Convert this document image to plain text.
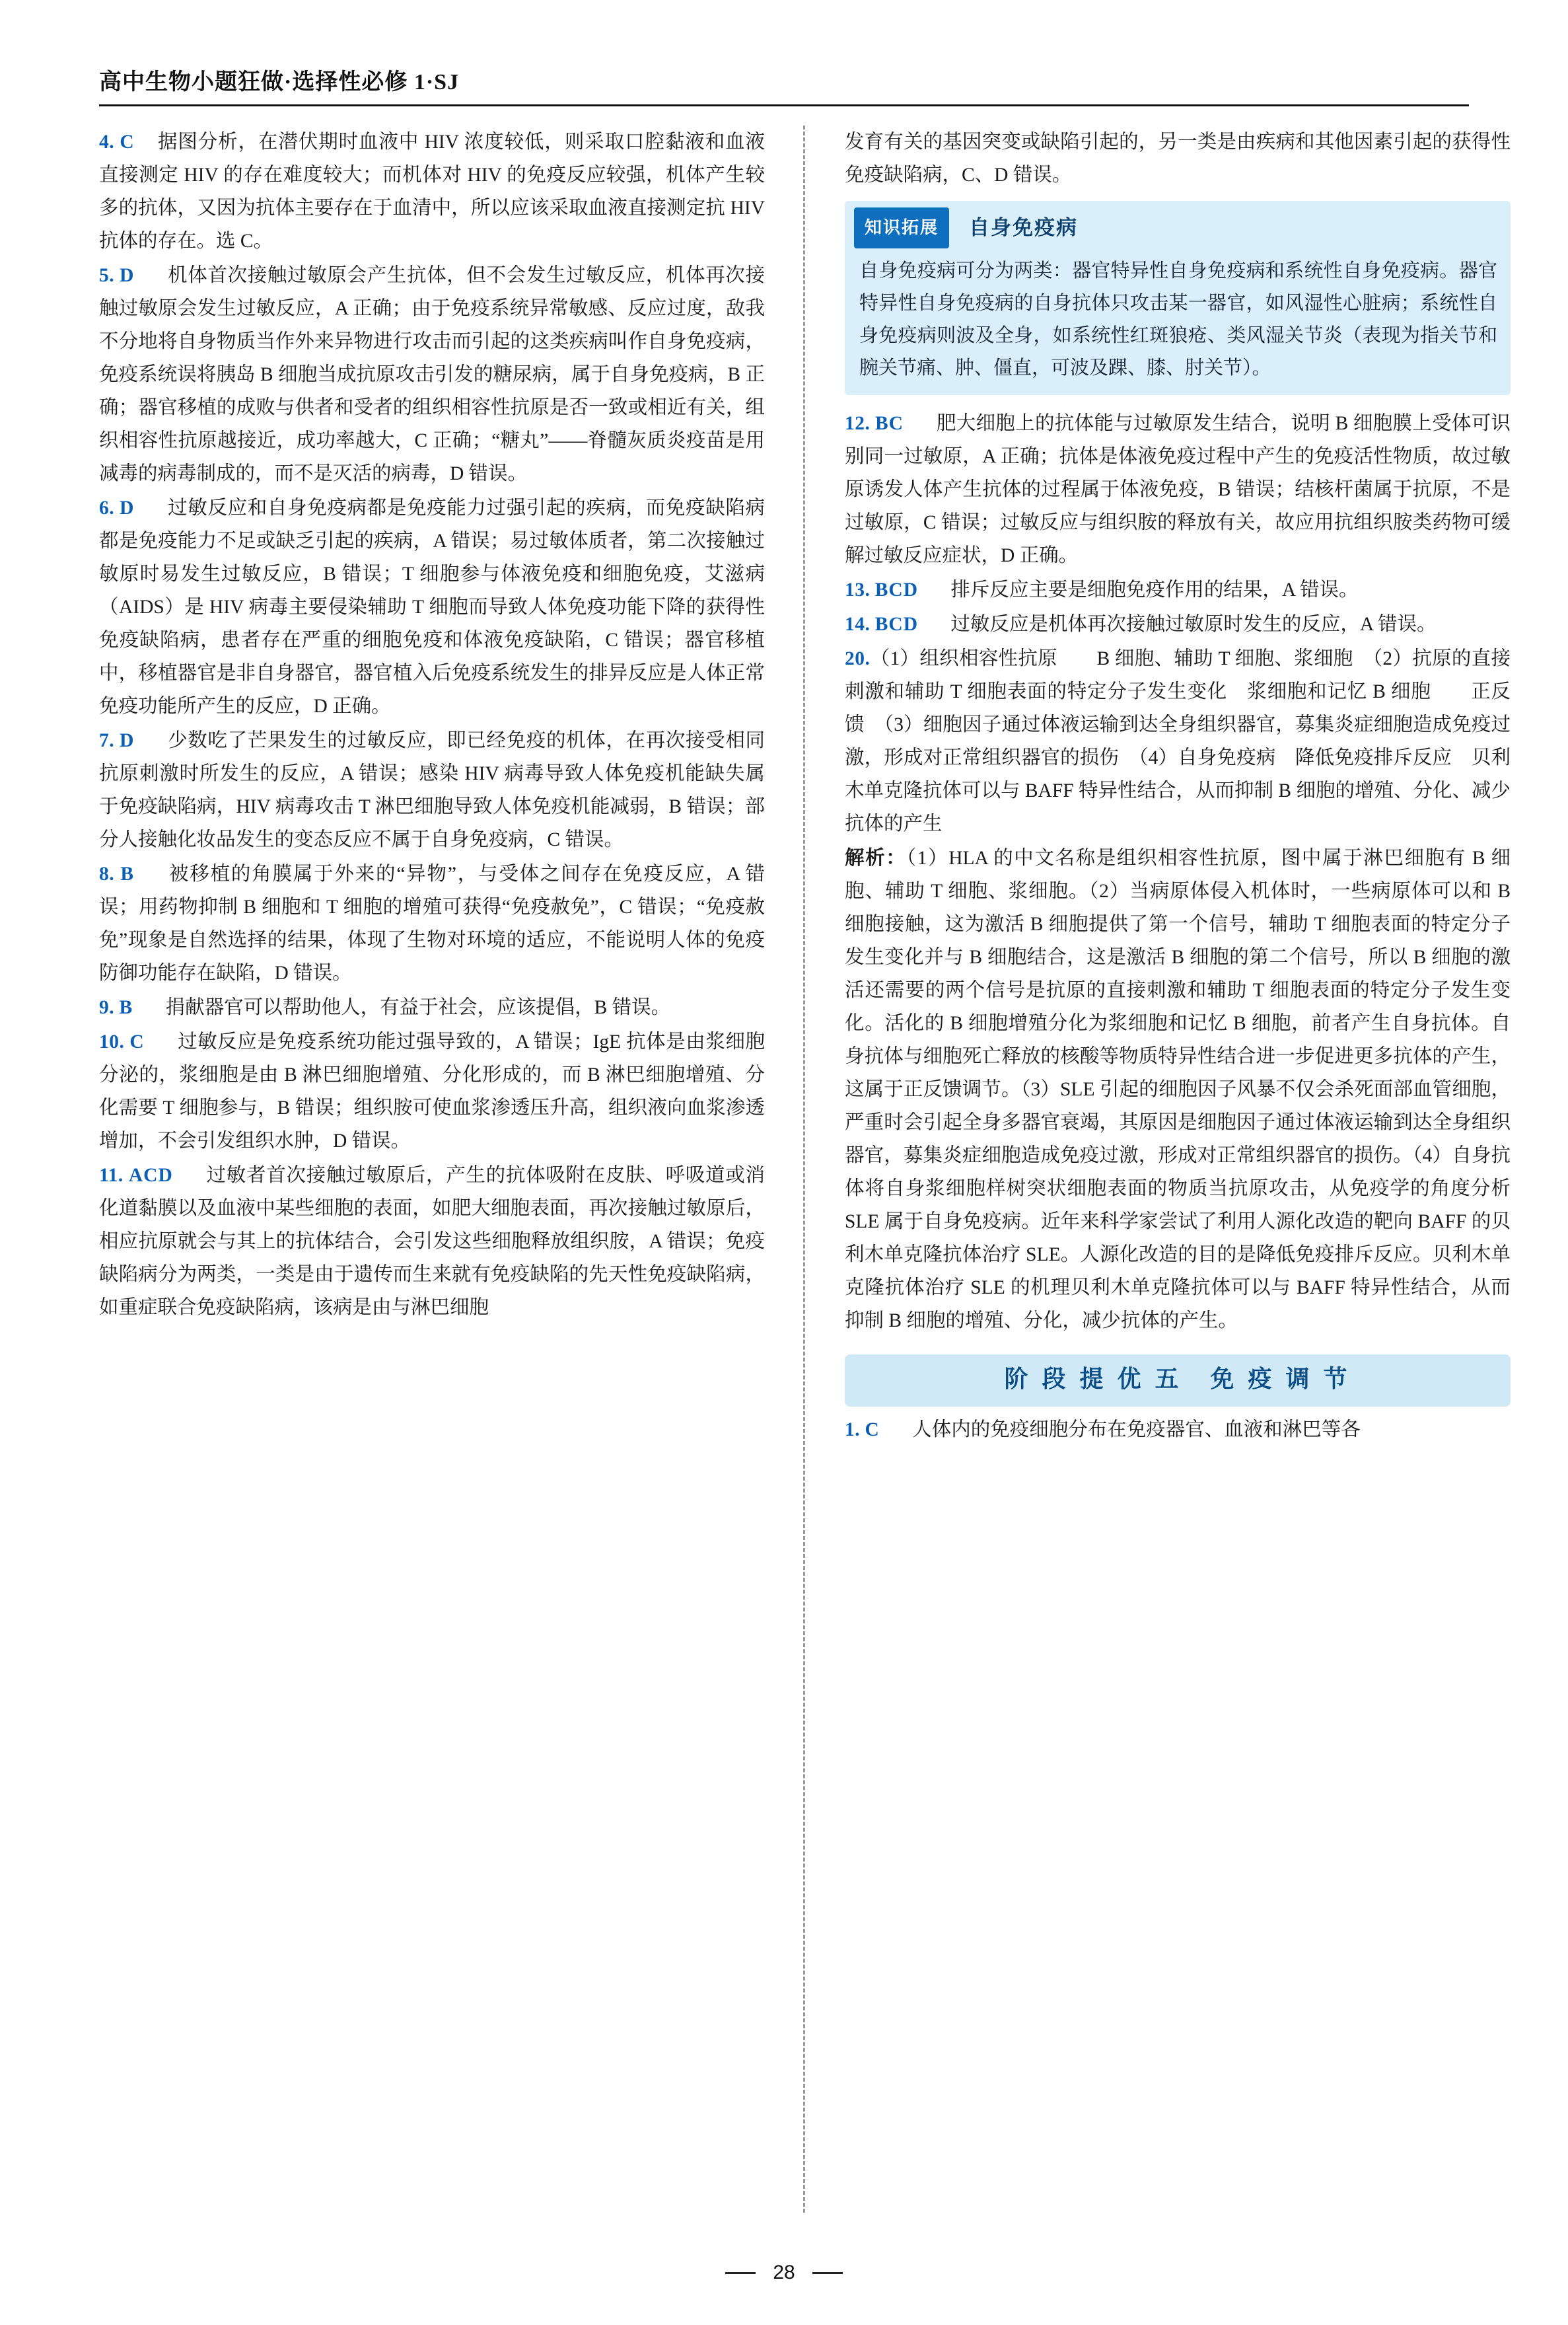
高中生物小题狂做·选择性必修 1·SJ

4. C 据图分析，在潜伏期时血液中 HIV 浓度较低，则采取口腔黏液和血液直接测定 HIV 的存在难度较大；而机体对 HIV 的免疫反应较强，机体产生较多的抗体，又因为抗体主要存在于血清中，所以应该采取血液直接测定抗 HIV 抗体的存在。选 C。

5. D 机体首次接触过敏原会产生抗体，但不会发生过敏反应，机体再次接触过敏原会发生过敏反应，A 正确；由于免疫系统异常敏感、反应过度，敌我不分地将自身物质当作外来异物进行攻击而引起的这类疾病叫作自身免疫病，免疫系统误将胰岛 B 细胞当成抗原攻击引发的糖尿病，属于自身免疫病，B 正确；器官移植的成败与供者和受者的组织相容性抗原是否一致或相近有关，组织相容性抗原越接近，成功率越大，C 正确；“糖丸”——脊髓灰质炎疫苗是用减毒的病毒制成的，而不是灭活的病毒，D 错误。

6. D 过敏反应和自身免疫病都是免疫能力过强引起的疾病，而免疫缺陷病都是免疫能力不足或缺乏引起的疾病，A 错误；易过敏体质者，第二次接触过敏原时易发生过敏反应，B 错误；T 细胞参与体液免疫和细胞免疫，艾滋病（AIDS）是 HIV 病毒主要侵染辅助 T 细胞而导致人体免疫功能下降的获得性免疫缺陷病，患者存在严重的细胞免疫和体液免疫缺陷，C 错误；器官移植中，移植器官是非自身器官，器官植入后免疫系统发生的排异反应是人体正常免疫功能所产生的反应，D 正确。

7. D 少数吃了芒果发生的过敏反应，即已经免疫的机体，在再次接受相同抗原刺激时所发生的反应，A 错误；感染 HIV 病毒导致人体免疫机能缺失属于免疫缺陷病，HIV 病毒攻击 T 淋巴细胞导致人体免疫机能减弱，B 错误；部分人接触化妆品发生的变态反应不属于自身免疫病，C 错误。

8. B 被移植的角膜属于外来的“异物”，与受体之间存在免疫反应，A 错误；用药物抑制 B 细胞和 T 细胞的增殖可获得“免疫赦免”，C 错误；“免疫赦免”现象是自然选择的结果，体现了生物对环境的适应，不能说明人体的免疫防御功能存在缺陷，D 错误。

9. B 捐献器官可以帮助他人，有益于社会，应该提倡，B 错误。

10. C 过敏反应是免疫系统功能过强导致的，A 错误；IgE 抗体是由浆细胞分泌的，浆细胞是由 B 淋巴细胞增殖、分化形成的，而 B 淋巴细胞增殖、分化需要 T 细胞参与，B 错误；组织胺可使血浆渗透压升高，组织液向血浆渗透增加，不会引发组织水肿，D 错误。

11. ACD 过敏者首次接触过敏原后，产生的抗体吸附在皮肤、呼吸道或消化道黏膜以及血液中某些细胞的表面，如肥大细胞表面，再次接触过敏原后，相应抗原就会与其上的抗体结合，会引发这些细胞释放组织胺，A 错误；免疫缺陷病分为两类，一类是由于遗传而生来就有免疫缺陷的先天性免疫缺陷病，如重症联合免疫缺陷病，该病是由与淋巴细胞

发育有关的基因突变或缺陷引起的，另一类是由疾病和其他因素引起的获得性免疫缺陷病，C、D 错误。

知识拓展	自身免疫病
自身免疫病可分为两类：器官特异性自身免疫病和系统性自身免疫病。器官特异性自身免疫病的自身抗体只攻击某一器官，如风湿性心脏病；系统性自身免疫病则波及全身，如系统性红斑狼疮、类风湿关节炎（表现为指关节和腕关节痛、肿、僵直，可波及踝、膝、肘关节）。

12. BC 肥大细胞上的抗体能与过敏原发生结合，说明 B 细胞膜上受体可识别同一过敏原，A 正确；抗体是体液免疫过程中产生的免疫活性物质，故过敏原诱发人体产生抗体的过程属于体液免疫，B 错误；结核杆菌属于抗原，不是过敏原，C 错误；过敏反应与组织胺的释放有关，故应用抗组织胺类药物可缓解过敏反应症状，D 正确。

13. BCD 排斥反应主要是细胞免疫作用的结果，A 错误。

14. BCD 过敏反应是机体再次接触过敏原时发生的反应，A 错误。

20.（1）组织相容性抗原　　B 细胞、辅助 T 细胞、浆细胞　（2）抗原的直接刺激和辅助 T 细胞表面的特定分子发生变化　浆细胞和记忆 B 细胞　　正反馈　（3）细胞因子通过体液运输到达全身组织器官，募集炎症细胞造成免疫过激，形成对正常组织器官的损伤　（4）自身免疫病　降低免疫排斥反应　贝利木单克隆抗体可以与 BAFF 特异性结合，从而抑制 B 细胞的增殖、分化、减少抗体的产生

解析：（1）HLA 的中文名称是组织相容性抗原，图中属于淋巴细胞有 B 细胞、辅助 T 细胞、浆细胞。（2）当病原体侵入机体时，一些病原体可以和 B 细胞接触，这为激活 B 细胞提供了第一个信号，辅助 T 细胞表面的特定分子发生变化并与 B 细胞结合，这是激活 B 细胞的第二个信号，所以 B 细胞的激活还需要的两个信号是抗原的直接刺激和辅助 T 细胞表面的特定分子发生变化。活化的 B 细胞增殖分化为浆细胞和记忆 B 细胞，前者产生自身抗体。自身抗体与细胞死亡释放的核酸等物质特异性结合进一步促进更多抗体的产生，这属于正反馈调节。（3）SLE 引起的细胞因子风暴不仅会杀死面部血管细胞，严重时会引起全身多器官衰竭，其原因是细胞因子通过体液运输到达全身组织器官，募集炎症细胞造成免疫过激，形成对正常组织器官的损伤。（4）自身抗体将自身浆细胞样树突状细胞表面的物质当抗原攻击，从免疫学的角度分析 SLE 属于自身免疫病。近年来科学家尝试了利用人源化改造的靶向 BAFF 的贝利木单克隆抗体治疗 SLE。人源化改造的目的是降低免疫排斥反应。贝利木单克隆抗体治疗 SLE 的机理贝利木单克隆抗体可以与 BAFF 特异性结合，从而抑制 B 细胞的增殖、分化，减少抗体的产生。

阶 段 提 优 五　免 疫 调 节

1. C 人体内的免疫细胞分布在免疫器官、血液和淋巴等各

28
